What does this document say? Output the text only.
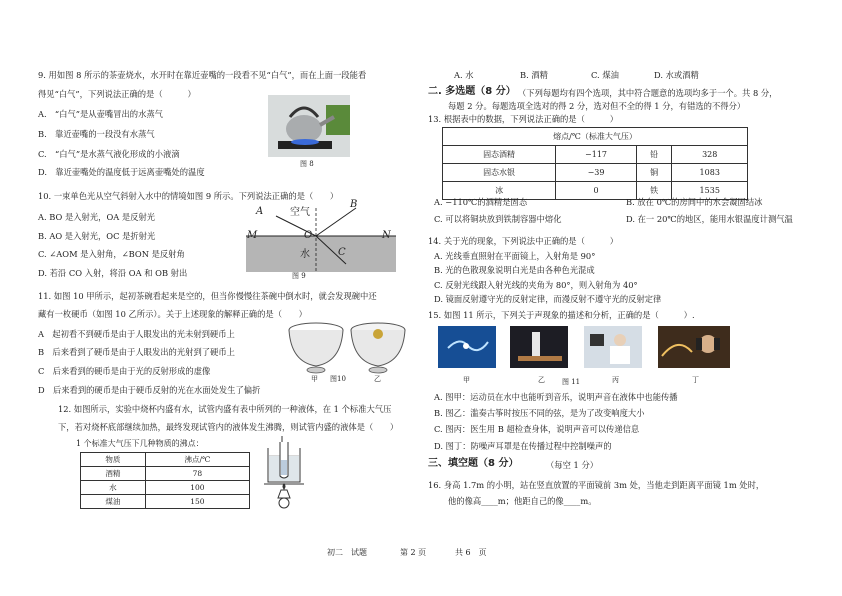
9. 用如图 8 所示的茶壶烧水，水开时在靠近壶嘴的一段看不见“白气”，而在上面一段能看
得见“白气”，下列说法正确的是（　　　）
A.　“白气”是从壶嘴冒出的水蒸气
B.　靠近壶嘴的一段没有水蒸气
C.　“白气”是水蒸气液化形成的小液滴
D.　靠近壶嘴处的温度低于远离壶嘴处的温度
图 8
10. 一束单色光从空气斜射入水中的情境如图 9 所示。下列说法正确的是（　　）
A. BO 是入射光，OA 是反射光
B. AO 是入射光，OC 是折射光
C. ∠AOM 是入射角，∠BON 是反射角
D. 若沿 CO 入射，将沿 OA 和 OB 射出
A
B
空气
M	O	N
水	C
图 9
11. 如图 10 甲所示，起初茶碗看起来是空的，但当你慢慢往茶碗中倒水时，就会发现碗中还
藏有一枚硬币（如图 10 乙所示）。关于上述现象的解释正确的是（　　）
A　起初看不到硬币是由于人眼发出的光未射到硬币上
B　后来看到了硬币是由于人眼发出的光射到了硬币上
C　后来看到的硬币是由于光的反射形成的虚像
D　后来看到的硬币是由于硬币反射的光在水面处发生了偏折
甲 图10	乙
12. 如图所示，实验中烧杯内盛有水，试管内盛有表中所列的一种液体，在 1 个标准大气压
下，若对烧杯底部继续加热，最终发现试管内的液体发生沸腾，则试管内盛的液体是（　　）
1 个标准大气压下几种物质的沸点：
物质	沸点/℃
酒精	78
水	100
煤油	150
A. 水	B. 酒精	C. 煤油	D. 水或酒精
二. 多选题（8 分） （下列每题均有四个选项，其中符合题意的选项均多于一个。共 8 分，
每题 2 分。每题选项全选对的得 2 分，选对但不全的得 1 分，有错选的不得分）
13. 根据表中的数据，下列说法正确的是（　　　）
熔点/℃（标准大气压）			
固态酒精	−117	铅	328
固态水银	−39	铜	1083
冰	0	铁	1535
A. −110℃的酒精是固态	B. 放在 0℃的房间中的水会凝固结冰
C. 可以将铜块放到铁制容器中熔化	D. 在一 20℃的地区，能用水银温度计测气温
14. 关于光的现象，下列说法中正确的是（　　　）
A. 光线垂直照射在平面镜上，入射角是 90°
B. 光的色散现象说明白光是由各种色光混成
C. 反射光线跟入射光线的夹角为 80°，则入射角为 40°
D. 镜面反射遵守光的反射定律，而漫反射不遵守光的反射定律
15. 如图 11 所示，下列关于声现象的描述和分析，正确的是（　　　）.
甲	乙 图 11	丙	丁
A. 图甲：运动员在水中也能听到音乐，说明声音在液体中也能传播
B. 图乙：滥奏古筝时按压不同的弦，是为了改变响度大小
C. 图丙：医生用 B 超检查身体，说明声音可以传递信息
D. 图丁：防噪声耳罩是在传播过程中控制噪声的
三、填空题（8 分）	（每空 1 分）
16. 身高 1.7m 的小明，站在竖直放置的平面镜前 3m 处，当他走到距离平面镜 1m 处时，
他的像高____m；他距自己的像____m。
初二　试题	第 2 页	共 6　页
